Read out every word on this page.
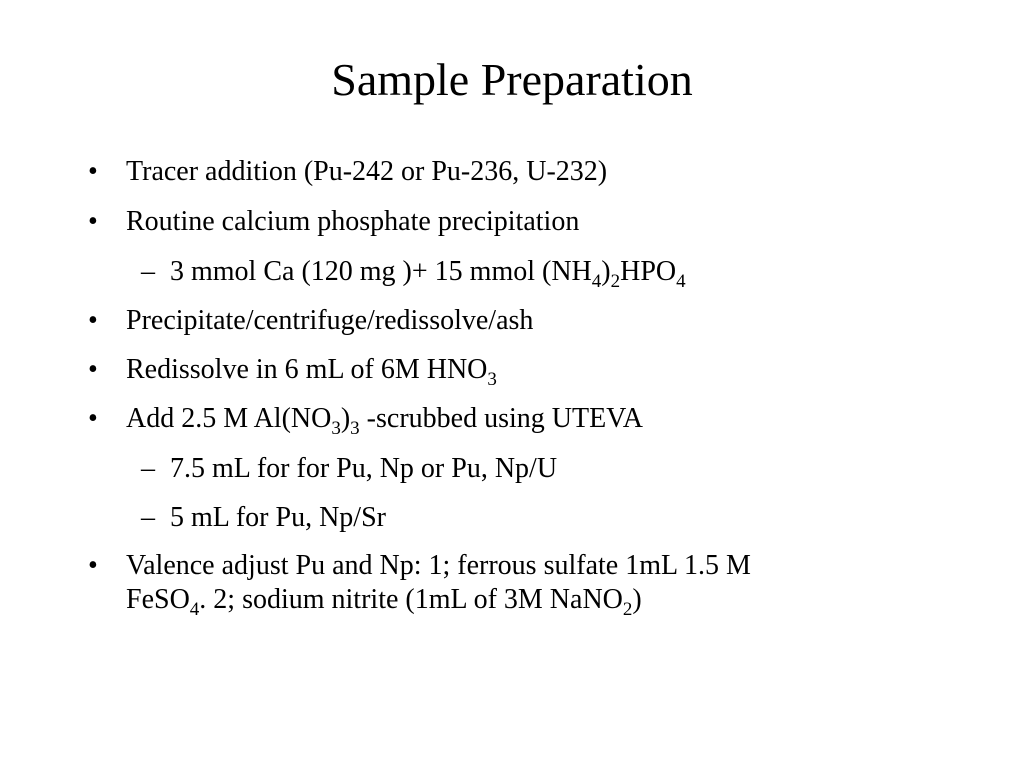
Sample Preparation
•	Tracer addition (Pu-242 or Pu-236, U-232)
•	Routine calcium phosphate precipitation
– 3 mmol Ca (120 mg )+ 15 mmol $(NH_4)_2HPO_4$
•	Precipitate/centrifuge/redissolve/ash
•	Redissolve in 6 mL of 6M $HNO_3$
•	Add 2.5 M $Al(NO_3)_3$ -scrubbed using UTEVA
– 7.5 mL for for Pu, Np or Pu, Np/U
– 5 mL for Pu, Np/Sr
•	Valence adjust Pu and Np: 1; ferrous sulfate 1mL 1.5 M
FeSO$_4$. 2; sodium nitrite (1mL of 3M NaNO$_2$)
